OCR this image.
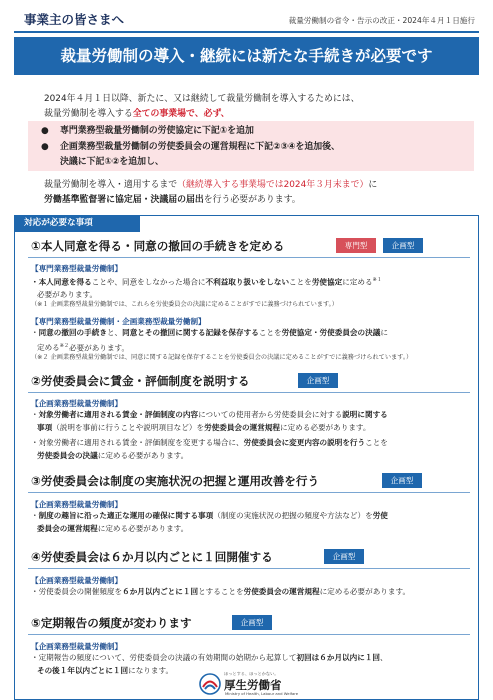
事業主の皆さまへ	裁量労働制の省令・告示の改正・2024年４月１日施行
裁量労働制の導入・継続には新たな手続きが必要です
2024年４月１日以降、新たに、又は継続して裁量労働制を導入するためには、
裁量労働制を導入する全ての事業場で、必ず、
● 専門業務型裁量労働制の労使協定に下記①を追加
● 企画業務型裁量労働制の労使委員会の運営規程に下記②③④を追加後、
決議に下記①②を追加し、
裁量労働制を導入・適用するまで（継続導入する事業場では2024年３月末まで）に
労働基準監督署に協定届・決議届の届出を行う必要があります。
対応が必要な事項
①本人同意を得る・同意の撤回の手続きを定める	専門型	企画型
【専門業務型裁量労働制】
・本人同意を得ることや、同意をしなかった場合に不利益取り扱いをしないことを労使協定に定める$^{※1}$
必要があります。
（※１ 企画業務型裁量労働制では、これらを労使委員会の決議に定めることがすでに義務づけられています。）
【専門業務型裁量労働制・企画業務型裁量労働制】
・同意の撤回の手続きと、同意とその撤回に関する記録を保存することを労使協定・労使委員会の決議に
定める$^{※2}$必要があります。
（※２ 企画業務型裁量労働制では、同意に関する記録を保存することを労使委員会の決議に定めることがすでに義務づけられています。）
②労使委員会に賃金・評価制度を説明する	企画型
【企画業務型裁量労働制】
・対象労働者に適用される賃金・評価制度の内容についての使用者から労使委員会に対する説明に関する
事項（説明を事前に行うことや説明項目など）を労使委員会の運営規程に定める必要があります。
・対象労働者に適用される賃金・評価制度を変更する場合に、労使委員会に変更内容の説明を行うことを
労使委員会の決議に定める必要があります。
③労使委員会は制度の実施状況の把握と運用改善を行う	企画型
【企画業務型裁量労働制】
・制度の趣旨に沿った適正な運用の確保に関する事項（制度の実施状況の把握の頻度や方法など）を労使
委員会の運営規程に定める必要があります。
④労使委員会は６か月以内ごとに１回開催する	企画型
【企画業務型裁量労働制】
・労使委員会の開催頻度を６か月以内ごとに１回とすることを労使委員会の運営規程に定める必要があります。
⑤定期報告の頻度が変わります	企画型
【企画業務型裁量労働制】
・定期報告の頻度について、労使委員会の決議の有効期間の始期から起算して初回は６か月以内に１回、
その後１年以内ごとに１回になります。	ほっとする、ほっとかない。
厚生労働省
Ministry of Health, Labour and Welfare
